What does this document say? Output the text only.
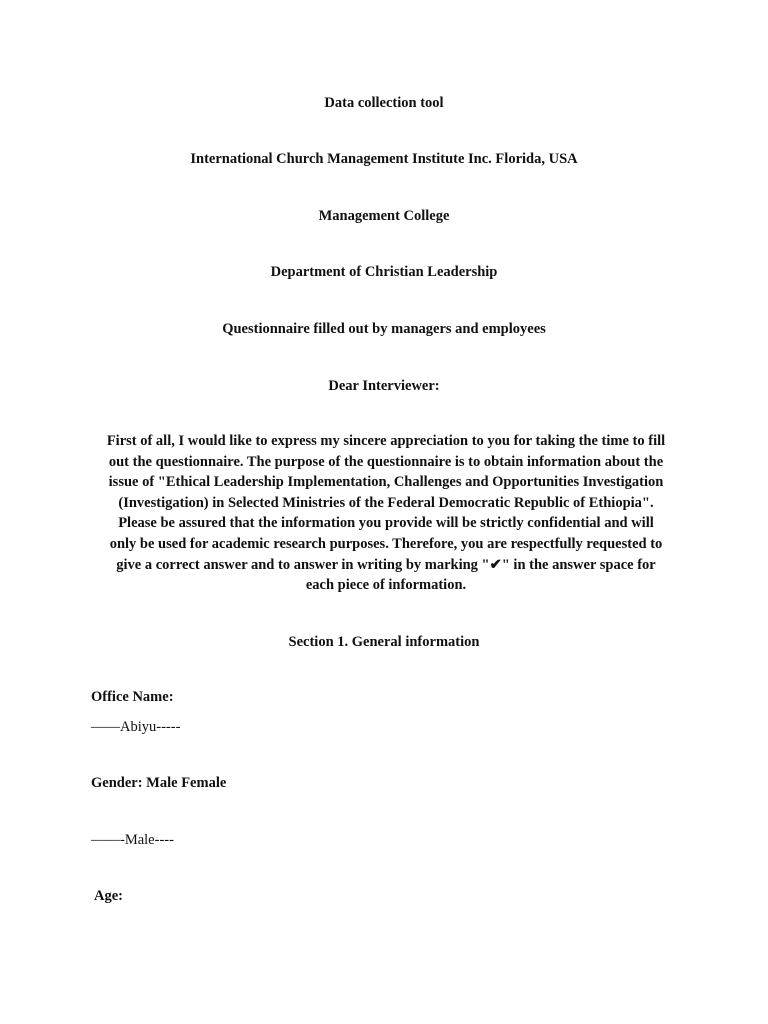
Data collection tool
International Church Management Institute Inc. Florida, USA
Management College
Department of Christian Leadership
Questionnaire filled out by managers and employees
Dear Interviewer:
First of all, I would like to express my sincere appreciation to you for taking the time to fill
out the questionnaire. The purpose of the questionnaire is to obtain information about the
issue of "Ethical Leadership Implementation, Challenges and Opportunities Investigation
(Investigation) in Selected Ministries of the Federal Democratic Republic of Ethiopia".
Please be assured that the information you provide will be strictly confidential and will
only be used for academic research purposes. Therefore, you are respectfully requested to
give a correct answer and to answer in writing by marking "✔" in the answer space for
each piece of information.
Section 1. General information
Office Name:
——Abiyu-----
Gender: Male Female
——-Male----
Age:
